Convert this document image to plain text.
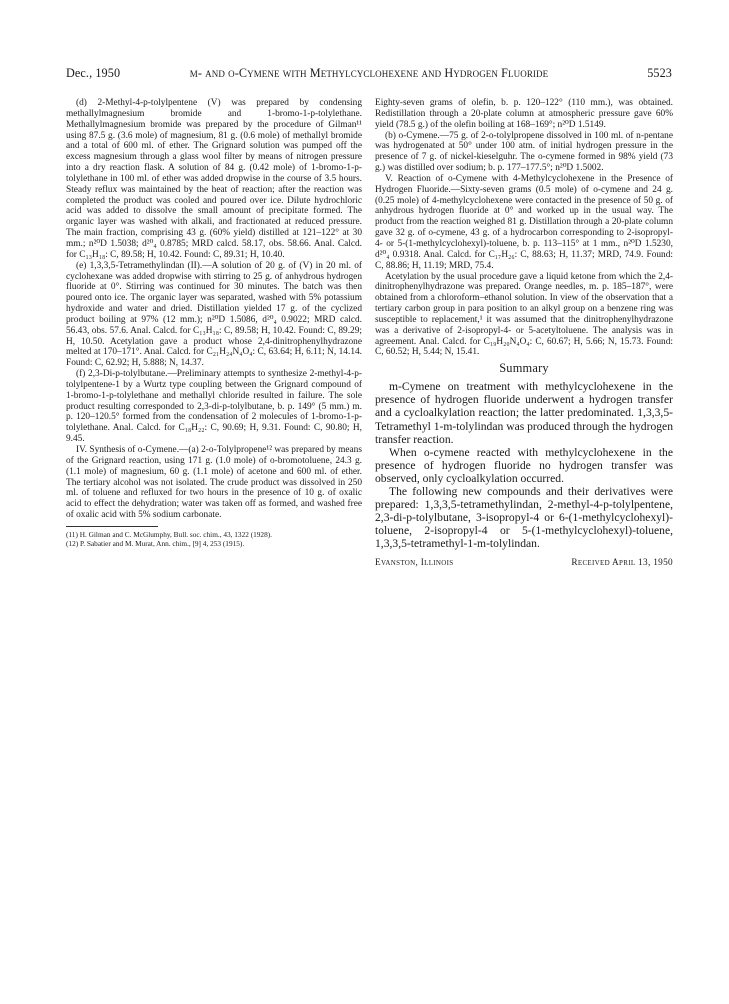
Dec., 1950	m- and o-Cymene with Methylcyclohexene and Hydrogen Fluoride	5523

(d) 2-Methyl-4-p-tolylpentene (V) was prepared by condensing methallylmagnesium bromide and 1-bromo-1-p-tolylethane. Methallylmagnesium bromide was prepared by the procedure of Gilman¹¹ using 87.5 g. (3.6 mole) of magnesium, 81 g. (0.6 mole) of methallyl bromide and a total of 600 ml. of ether. The Grignard solution was pumped off the excess magnesium through a glass wool filter by means of nitrogen pressure into a dry reaction flask. A solution of 84 g. (0.42 mole) of 1-bromo-1-p-tolylethane in 100 ml. of ether was added dropwise in the course of 3.5 hours. Steady reflux was maintained by the heat of reaction; after the reaction was completed the product was cooled and poured over ice. Dilute hydrochloric acid was added to dissolve the small amount of precipitate formed. The organic layer was washed with alkali, and fractionated at reduced pressure. The main fraction, comprising 43 g. (60% yield) distilled at 121–122° at 30 mm.; n²⁰D 1.5038; d²⁰₄ 0.8785; MRD calcd. 58.17, obs. 58.66. Anal. Calcd. for C₁₃H₁₈: C, 89.58; H, 10.42. Found: C, 89.31; H, 10.40.

(e) 1,3,3,5-Tetramethylindan (II).—A solution of 20 g. of (V) in 20 ml. of cyclohexane was added dropwise with stirring to 25 g. of anhydrous hydrogen fluoride at 0°. Stirring was continued for 30 minutes. The batch was then poured onto ice. The organic layer was separated, washed with 5% potassium hydroxide and water and dried. Distillation yielded 17 g. of the cyclized product boiling at 97% (12 mm.); n²⁰D 1.5086, d²⁰₄ 0.9022; MRD calcd. 56.43, obs. 57.6. Anal. Calcd. for C₁₃H₁₈: C, 89.58; H, 10.42. Found: C, 89.29; H, 10.50. Acetylation gave a product whose 2,4-dinitrophenylhydrazone melted at 170–171°. Anal. Calcd. for C₂₁H₂₄N₄O₄: C, 63.64; H, 6.11; N, 14.14. Found: C, 62.92; H, 5.888; N, 14.37.

(f) 2,3-Di-p-tolylbutane.—Preliminary attempts to synthesize 2-methyl-4-p-tolylpentene-1 by a Wurtz type coupling between the Grignard compound of 1-bromo-1-p-tolylethane and methallyl chloride resulted in failure. The sole product resulting corresponded to 2,3-di-p-tolylbutane, b. p. 149° (5 mm.) m. p. 120–120.5° formed from the condensation of 2 molecules of 1-bromo-1-p-tolylethane. Anal. Calcd. for C₁₈H₂₂: C, 90.69; H, 9.31. Found: C, 90.80; H, 9.45.

IV. Synthesis of o-Cymene.—(a) 2-o-Tolylpropene¹² was prepared by means of the Grignard reaction, using 171 g. (1.0 mole) of o-bromotoluene, 24.3 g. (1.1 mole) of magnesium, 60 g. (1.1 mole) of acetone and 600 ml. of ether. The tertiary alcohol was not isolated. The crude product was dissolved in 250 ml. of toluene and refluxed for two hours in the presence of 10 g. of oxalic acid to effect the dehydration; water was taken off as formed, and washed free of oxalic acid with 5% sodium carbonate.

(11) H. Gilman and C. McGlumphy, Bull. soc. chim., 43, 1322 (1928).

(12) P. Sabatier and M. Murat, Ann. chim., [9] 4, 253 (1915).

Eighty-seven grams of olefin, b. p. 120–122° (110 mm.), was obtained. Redistillation through a 20-plate column at atmospheric pressure gave 60% yield (78.5 g.) of the olefin boiling at 168–169°; n²⁰D 1.5149.

(b) o-Cymene.—75 g. of 2-o-tolylpropene dissolved in 100 ml. of n-pentane was hydrogenated at 50° under 100 atm. of initial hydrogen pressure in the presence of 7 g. of nickel-kieselguhr. The o-cymene formed in 98% yield (73 g.) was distilled over sodium; b. p. 177–177.5°; n²⁰D 1.5002.

V. Reaction of o-Cymene with 4-Methylcyclohexene in the Presence of Hydrogen Fluoride.—Sixty-seven grams (0.5 mole) of o-cymene and 24 g. (0.25 mole) of 4-methylcyclohexene were contacted in the presence of 50 g. of anhydrous hydrogen fluoride at 0° and worked up in the usual way. The product from the reaction weighed 81 g. Distillation through a 20-plate column gave 32 g. of o-cymene, 43 g. of a hydrocarbon corresponding to 2-isopropyl-4- or 5-(1-methylcyclohexyl)-toluene, b. p. 113–115° at 1 mm., n²⁰D 1.5230, d²⁰₄ 0.9318. Anal. Calcd. for C₁₇H₂₆: C, 88.63; H, 11.37; MRD, 74.9. Found: C, 88.86; H, 11.19; MRD, 75.4.

Acetylation by the usual procedure gave a liquid ketone from which the 2,4-dinitrophenylhydrazone was prepared. Orange needles, m. p. 185–187°, were obtained from a chloroform–ethanol solution. In view of the observation that a tertiary carbon group in para position to an alkyl group on a benzene ring was susceptible to replacement,¹ it was assumed that the dinitrophenylhydrazone was a derivative of 2-isopropyl-4- or 5-acetyltoluene. The analysis was in agreement. Anal. Calcd. for C₁₉H₂₀N₄O₄: C, 60.67; H, 5.66; N, 15.73. Found: C, 60.52; H, 5.44; N, 15.41.

Summary

m-Cymene on treatment with methylcyclohexene in the presence of hydrogen fluoride underwent a hydrogen transfer and a cycloalkylation reaction; the latter predominated. 1,3,3,5-Tetramethyl 1-m-tolylindan was produced through the hydrogen transfer reaction.

When o-cymene reacted with methylcyclohexene in the presence of hydrogen fluoride no hydrogen transfer was observed, only cycloalkylation occurred.

The following new compounds and their derivatives were prepared: 1,3,3,5-tetramethylindan, 2-methyl-4-p-tolylpentene, 2,3-di-p-tolylbutane, 3-isopropyl-4 or 6-(1-methylcyclohexyl)-toluene, 2-isopropyl-4 or 5-(1-methylcyclohexyl)-toluene, 1,3,3,5-tetramethyl-1-m-tolylindan.

Evanston, Illinois	Received April 13, 1950
